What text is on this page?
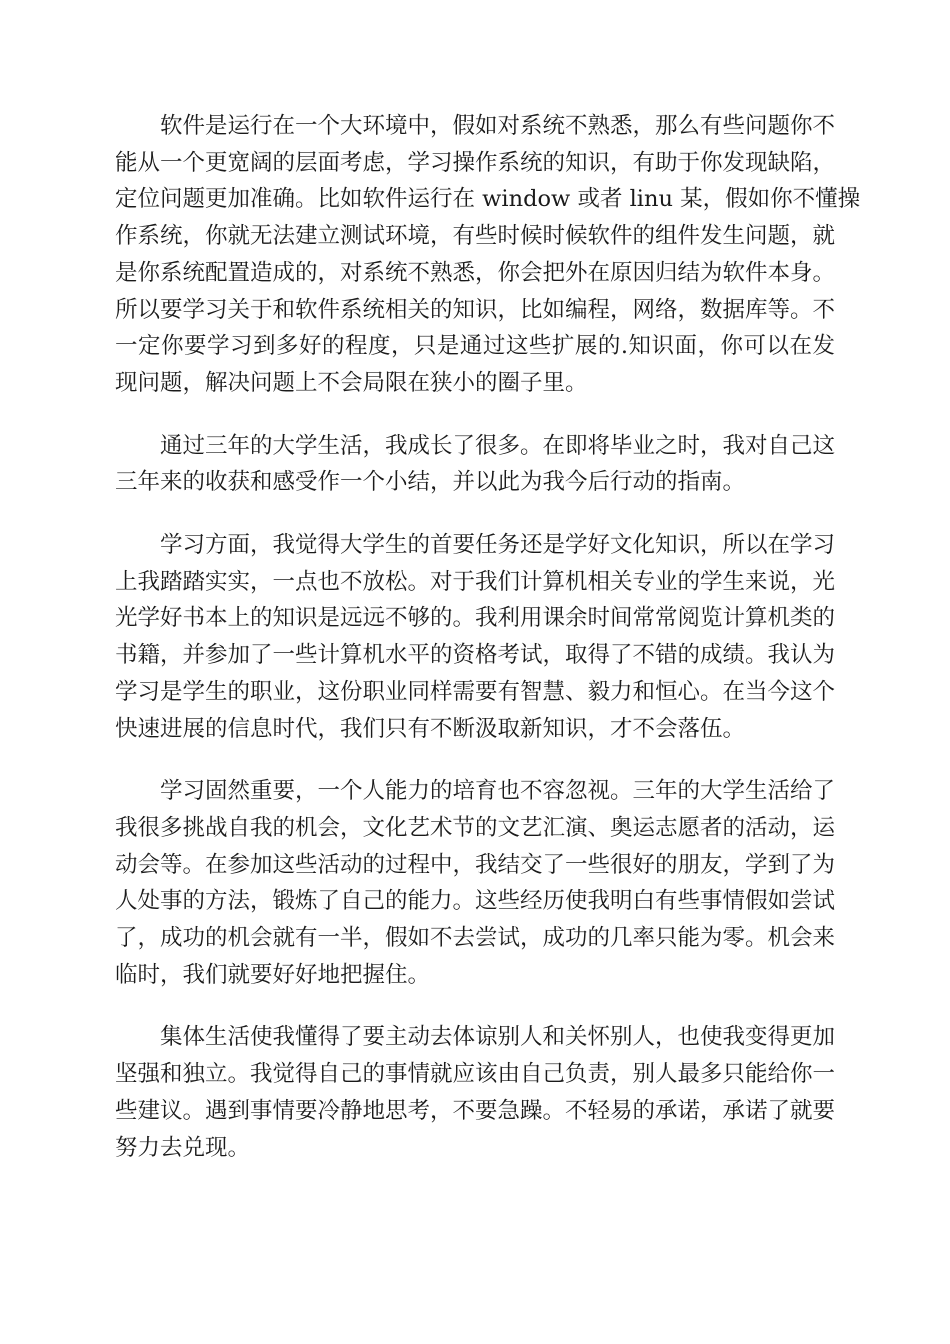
软件是运行在一个大环境中，假如对系统不熟悉，那么有些问题你不
能从一个更宽阔的层面考虑，学习操作系统的知识，有助于你发现缺陷，
定位问题更加准确。比如软件运行在 window 或者 linu 某，假如你不懂操
作系统，你就无法建立测试环境，有些时候时候软件的组件发生问题，就
是你系统配置造成的，对系统不熟悉，你会把外在原因归结为软件本身。
所以要学习关于和软件系统相关的知识，比如编程，网络，数据库等。不
一定你要学习到多好的程度，只是通过这些扩展的.知识面，你可以在发
现问题，解决问题上不会局限在狭小的圈子里。

通过三年的大学生活，我成长了很多。在即将毕业之时，我对自己这
三年来的收获和感受作一个小结，并以此为我今后行动的指南。

学习方面，我觉得大学生的首要任务还是学好文化知识，所以在学习
上我踏踏实实，一点也不放松。对于我们计算机相关专业的学生来说，光
光学好书本上的知识是远远不够的。我利用课余时间常常阅览计算机类的
书籍，并参加了一些计算机水平的资格考试，取得了不错的成绩。我认为
学习是学生的职业，这份职业同样需要有智慧、毅力和恒心。在当今这个
快速进展的信息时代，我们只有不断汲取新知识，才不会落伍。

学习固然重要，一个人能力的培育也不容忽视。三年的大学生活给了
我很多挑战自我的机会，文化艺术节的文艺汇演、奥运志愿者的活动，运
动会等。在参加这些活动的过程中，我结交了一些很好的朋友，学到了为
人处事的方法，锻炼了自己的能力。这些经历使我明白有些事情假如尝试
了，成功的机会就有一半，假如不去尝试，成功的几率只能为零。机会来
临时，我们就要好好地把握住。

集体生活使我懂得了要主动去体谅别人和关怀别人，也使我变得更加
坚强和独立。我觉得自己的事情就应该由自己负责，别人最多只能给你一
些建议。遇到事情要冷静地思考，不要急躁。不轻易的承诺，承诺了就要
努力去兑现。
